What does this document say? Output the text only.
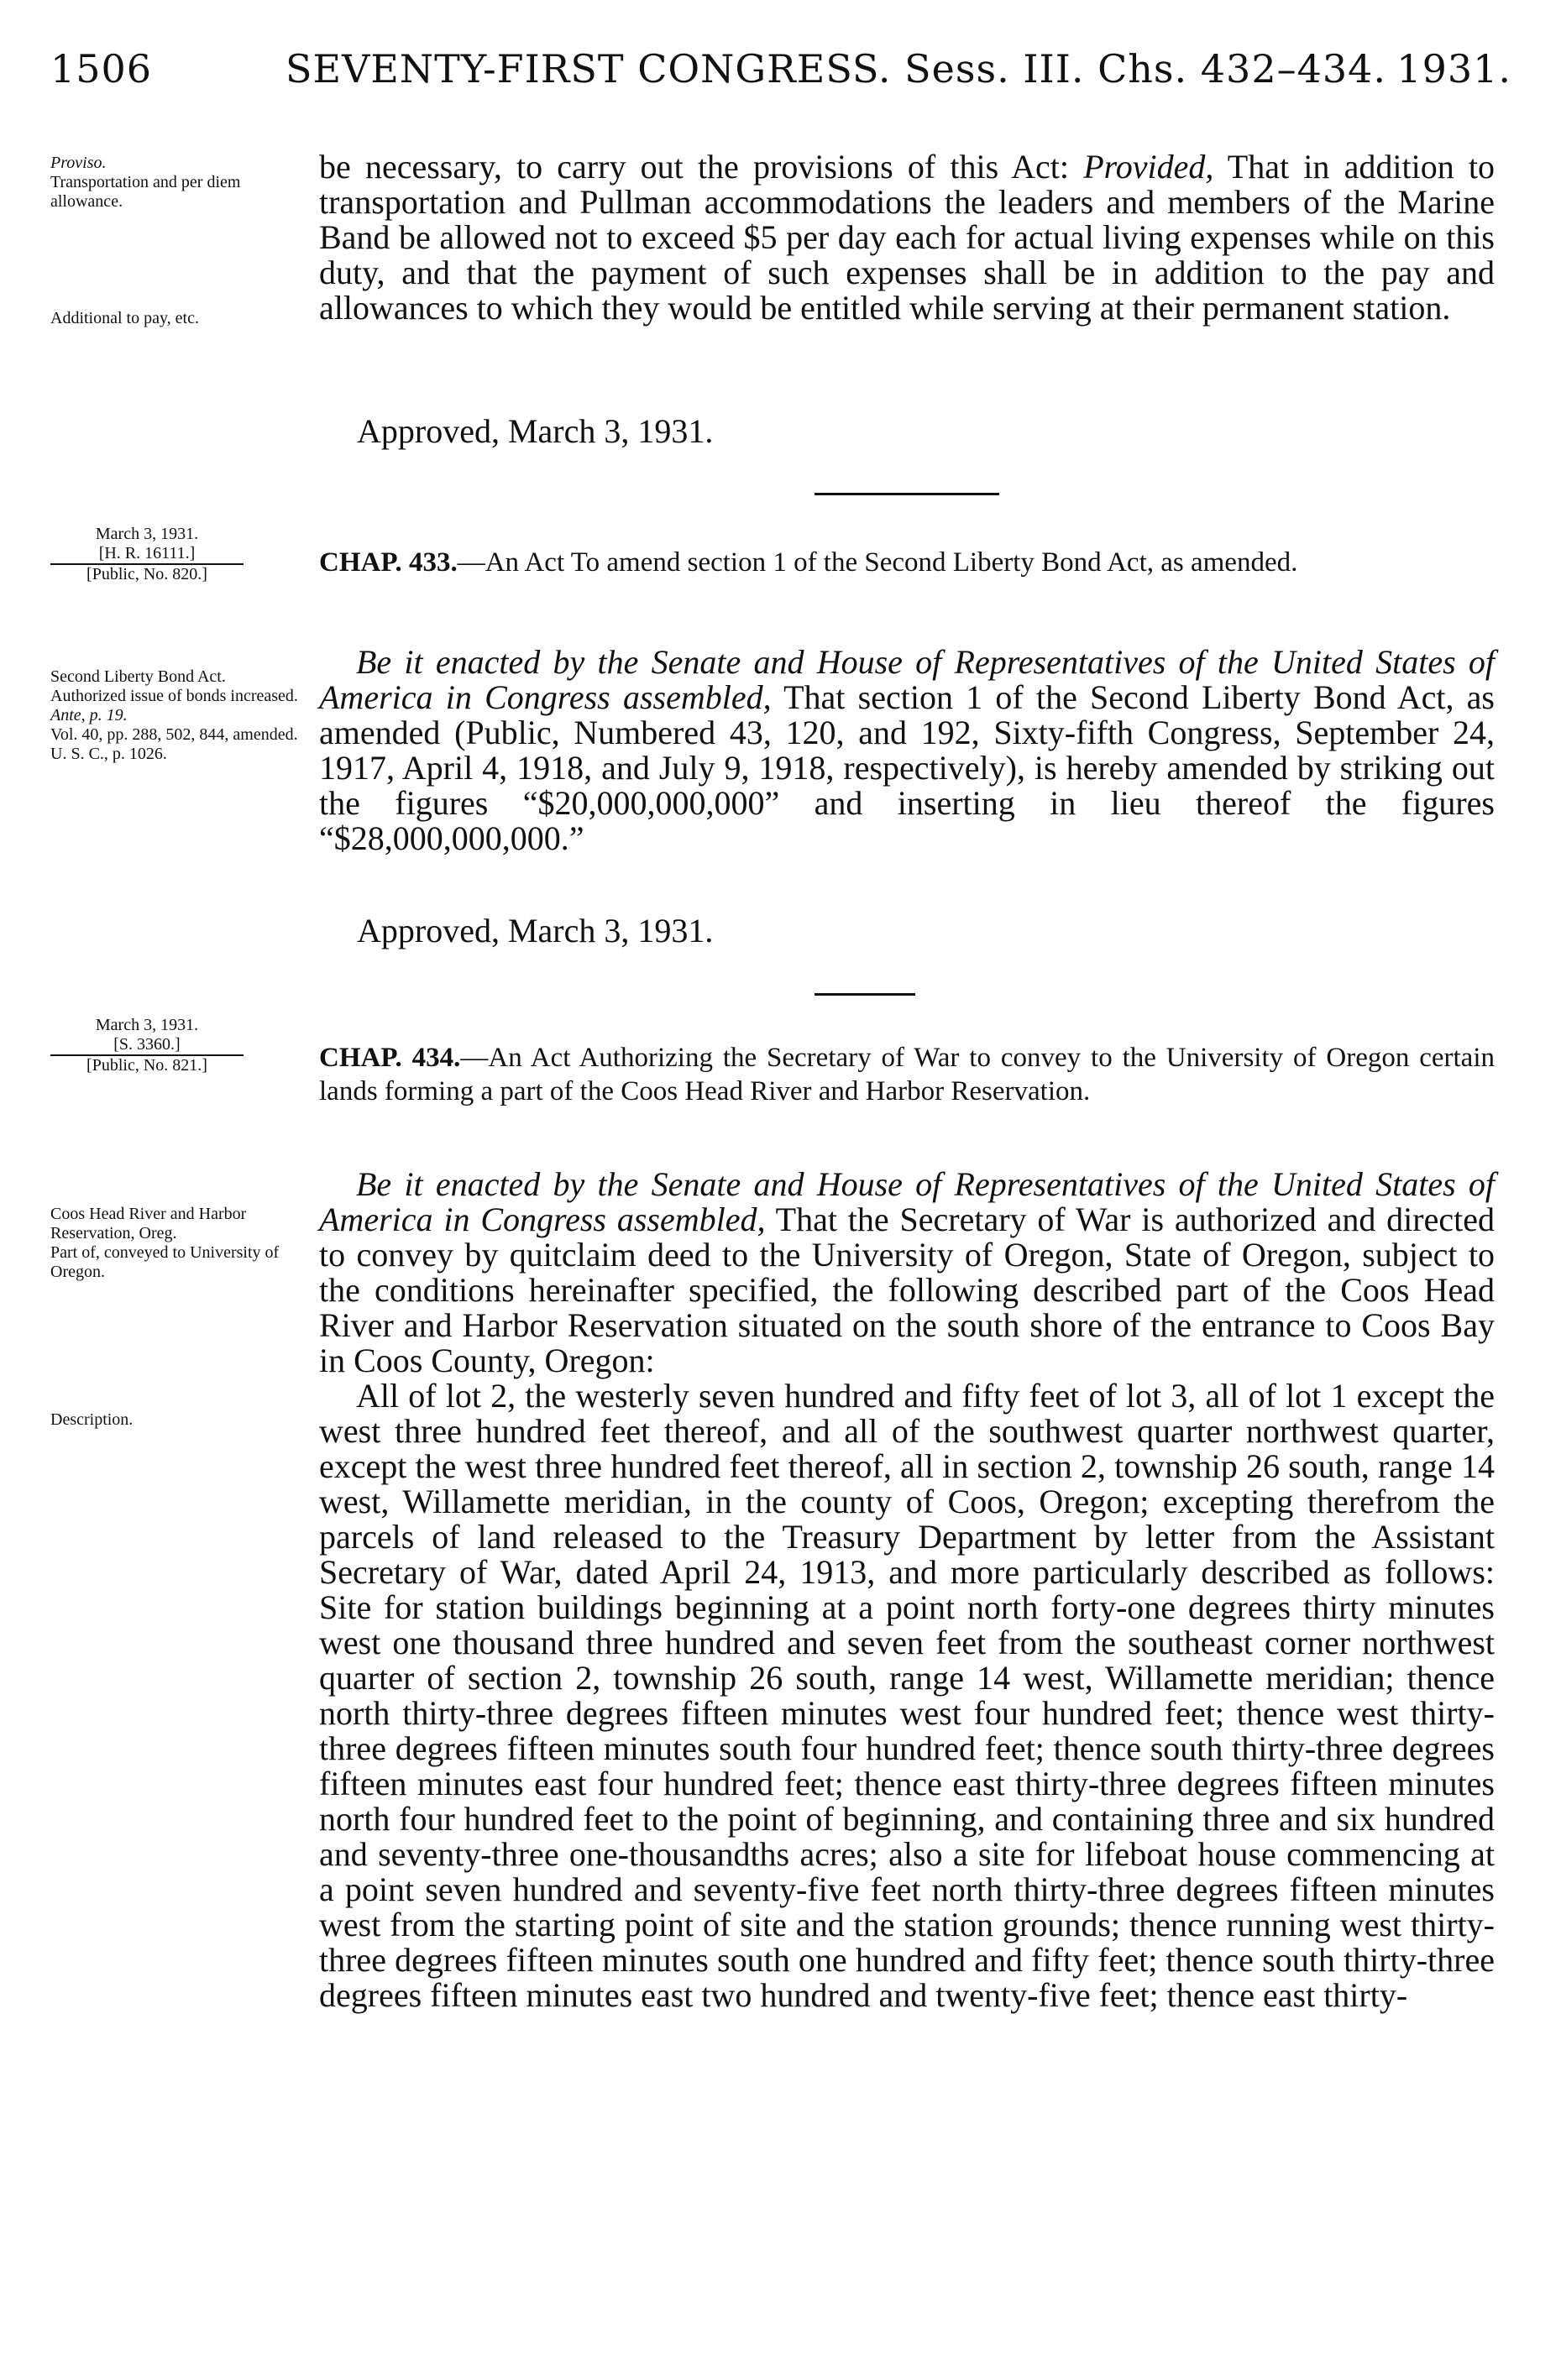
1506	SEVENTY-FIRST CONGRESS. Sess. III. Chs. 432–434. 1931.
Proviso.
Transportation and per diem allowance.
Additional to pay, etc.

be necessary, to carry out the provisions of this Act: Provided, That in addition to transportation and Pullman accommodations the leaders and members of the Marine Band be allowed not to exceed $5 per day each for actual living expenses while on this duty, and that the payment of such expenses shall be in addition to the pay and allowances to which they would be entitled while serving at their permanent station.

Approved, March 3, 1931.
March 3, 1931.
[H. R. 16111.]
[Public, No. 820.]	CHAP. 433.—An Act To amend section 1 of the Second Liberty Bond Act, as amended.
Second Liberty Bond Act.
Authorized issue of bonds increased.
Ante, p. 19.
Vol. 40, pp. 288, 502, 844, amended.
U. S. C., p. 1026.

Be it enacted by the Senate and House of Representatives of the United States of America in Congress assembled, That section 1 of the Second Liberty Bond Act, as amended (Public, Numbered 43, 120, and 192, Sixty-fifth Congress, September 24, 1917, April 4, 1918, and July 9, 1918, respectively), is hereby amended by striking out the figures “$20,000,000,000” and inserting in lieu thereof the figures “$28,000,000,000.”

Approved, March 3, 1931.
March 3, 1931.
[S. 3360.]
[Public, No. 821.]	CHAP. 434.—An Act Authorizing the Secretary of War to convey to the University of Oregon certain lands forming a part of the Coos Head River and Harbor Reservation.
Coos Head River and Harbor Reservation, Oreg.
Part of, conveyed to University of Oregon.
Description.

Be it enacted by the Senate and House of Representatives of the United States of America in Congress assembled, That the Secretary of War is authorized and directed to convey by quitclaim deed to the University of Oregon, State of Oregon, subject to the conditions hereinafter specified, the following described part of the Coos Head River and Harbor Reservation situated on the south shore of the entrance to Coos Bay in Coos County, Oregon:

All of lot 2, the westerly seven hundred and fifty feet of lot 3, all of lot 1 except the west three hundred feet thereof, and all of the southwest quarter northwest quarter, except the west three hundred feet thereof, all in section 2, township 26 south, range 14 west, Willamette meridian, in the county of Coos, Oregon; excepting therefrom the parcels of land released to the Treasury Department by letter from the Assistant Secretary of War, dated April 24, 1913, and more particularly described as follows: Site for station buildings beginning at a point north forty-one degrees thirty minutes west one thousand three hundred and seven feet from the southeast corner northwest quarter of section 2, township 26 south, range 14 west, Willamette meridian; thence north thirty-three degrees fifteen minutes west four hundred feet; thence west thirty-three degrees fifteen minutes south four hundred feet; thence south thirty-three degrees fifteen minutes east four hundred feet; thence east thirty-three degrees fifteen minutes north four hundred feet to the point of beginning, and containing three and six hundred and seventy-three one-thousandths acres; also a site for lifeboat house commencing at a point seven hundred and seventy-five feet north thirty-three degrees fifteen minutes west from the starting point of site and the station grounds; thence running west thirty-three degrees fifteen minutes south one hundred and fifty feet; thence south thirty-three degrees fifteen minutes east two hundred and twenty-five feet; thence east thirty-
